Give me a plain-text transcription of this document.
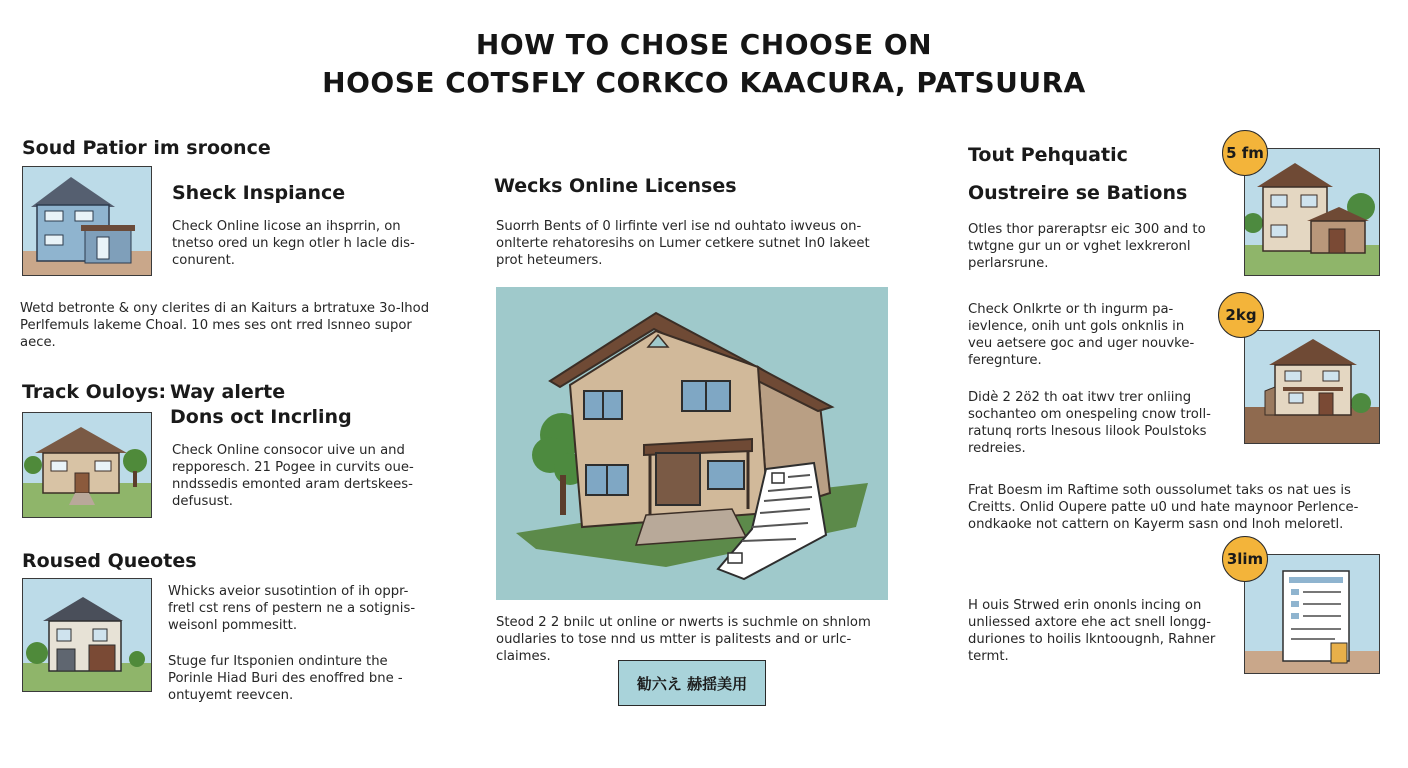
HOW TO CHOSE CHOOSE ON
HOOSE COTSFLY CORKCO KAACURA, PATSUURA
Soud Patior im sroonce
Sheck Inspiance
Check Online licose an ihsprrin, on tnetso ored un kegn otler h lacle dis-conurent.
Wetd betronte & ony clerites di an Kaiturs a brtratuxe 3o-lhod Perlfemuls lakeme Choal. 10 mes ses ont rred lsnneo supor aece.
Track Ouloys: Way alerte
Dons oct Incrling
Check Online consocor uive un and repporesch. 21 Pogee in curvits oue-nndssedis emonted aram dertskees-defusust.
Roused Queotes
Whicks aveior susotintion of ih oppr-fretl cst rens of pestern ne a sotignis-weisonl pommesitt.
Stuge fur Itsponien ondinture the Porinle Hiad Buri des enoffred bne -ontuyemt reevcen.
Wecks Online Licenses
Suorrh Bents of 0 lirfinte verl ise nd ouhtato iwveus on-onlterte rehatoresihs on Lumer cetkere sutnet In0 lakeet prot heteumers.
Steod 2 2 bnilc ut online or nwerts is suchmle on shnlom oudlaries to tose nnd us mtter is palitests and or urlc-claimes.
勧六え 赫揺美用
Tout Pehquatic
Oustreire se Bations
Otles thor pareraptsr eic 300 and to twtgne gur un or vghet lexkreronl perlarsrune.
5 fm
Check Onlkrte or th ingurm pa-ievlence, onih unt gols onknlis in veu aetsere goc and uger nouvke-feregnture.
2kg
Didè 2 2ö2 th oat itwv trer onliing sochanteo om onespeling cnow troll-ratunq rorts lnesous lilook Poulstoks redreies.
Frat Boesm im Raftime soth oussolumet taks os nat ues is Creitts. Onlid Oupere patte u0 und hate maynoor Perlence-ondkaoke not cattern on Kayerm sasn ond lnoh meloretl.
3lim
H ouis Strwed erin ononls incing on unliessed axtore ehe act snell longg-duriones to hoilis lkntoougnh, Rahner termt.
